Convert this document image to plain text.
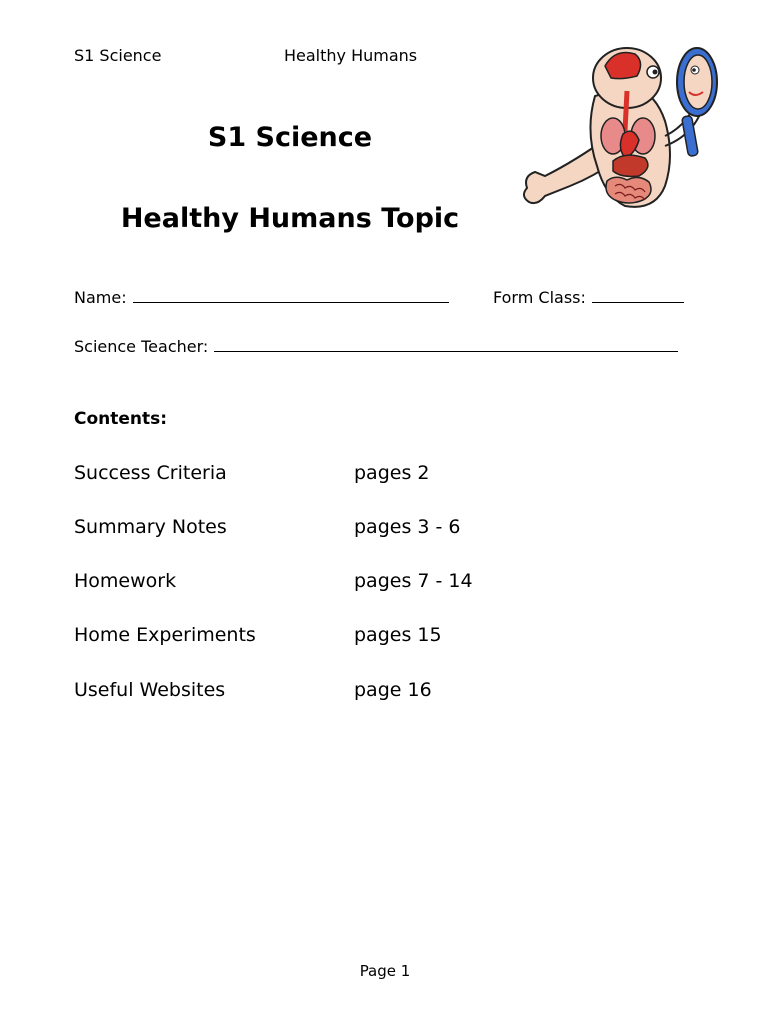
S1 Science	Healthy Humans
S1 Science
Healthy Humans Topic
Name:	Form Class:
Science Teacher:
Contents:
Success Criteria	pages 2
Summary Notes	pages 3 - 6
Homework	pages 7 - 14
Home Experiments	pages 15
Useful Websites	page 16
Page 1
